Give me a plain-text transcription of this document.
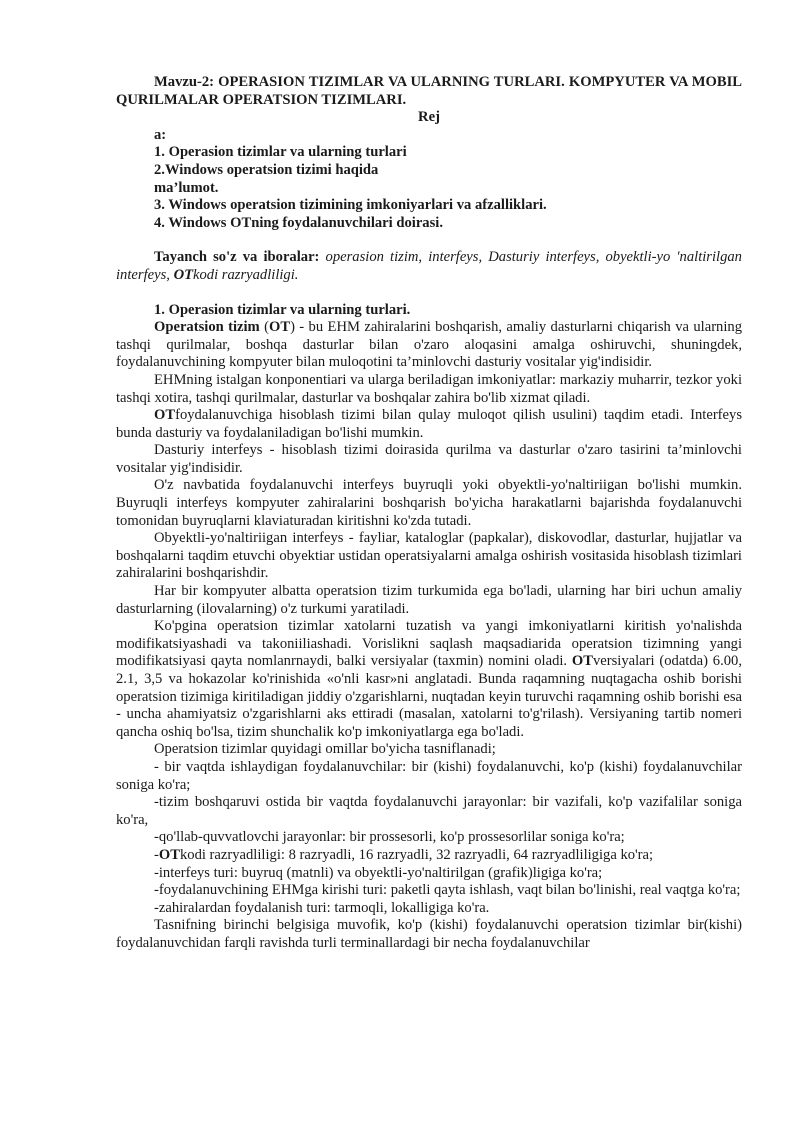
Mavzu-2: OPERASION TIZIMLAR VA ULARNING TURLARI. KOMPYUTER VA MOBIL QURILMALAR OPERATSION TIZIMLARI.

Rej

a:

1. Operasion tizimlar va ularning turlari

2.Windows operatsion tizimi haqida

ma’lumot.

3. Windows operatsion tizimining imkoniyarlari va afzalliklari.

4. Windows OTning foydalanuvchilari doirasi.

Tayanch so'z va iboralar: operasion tizim, interfeys, Dasturiy interfeys, obyektli-yo 'naltirilgan interfeys, OTkodi razryadliligi.

1. Operasion tizimlar va ularning turlari.

Operatsion tizim (OT) - bu EHM zahiralarini boshqarish, amaliy dasturlarni chiqarish va ularning tashqi qurilmalar, boshqa dasturlar bilan o'zaro aloqasini amalga oshiruvchi, shuningdek, foydalanuvchining kompyuter bilan muloqotini ta’minlovchi dasturiy vositalar yig'indisidir.

EHMning istalgan konponentiari va ularga beriladigan imkoniyatlar: markaziy muharrir, tezkor yoki tashqi xotira, tashqi qurilmalar, dasturlar va boshqalar zahira bo'lib xizmat qiladi.

OTfoydalanuvchiga hisoblash tizimi bilan qulay muloqot qilish usulini) taqdim etadi. Interfeys bunda dasturiy va foydalaniladigan bo'lishi mumkin.

Dasturiy interfeys - hisoblash tizimi doirasida qurilma va dasturlar o'zaro tasirini ta’minlovchi vositalar yig'indisidir.

O'z navbatida foydalanuvchi interfeys buyruqli yoki obyektli-yo'naltiriigan bo'lishi mumkin. Buyruqli interfeys kompyuter zahiralarini boshqarish bo'yicha harakatlarni bajarishda foydalanuvchi tomonidan buyruqlarni klaviaturadan kiritishni ko'zda tutadi.

Obyektli-yo'naltiriigan interfeys - fayliar, kataloglar (papkalar), diskovodlar, dasturlar, hujjatlar va boshqalarni taqdim etuvchi obyektiar ustidan operatsiyalarni amalga oshirish vositasida hisoblash tizimlari zahiralarini boshqarishdir.

Har bir kompyuter albatta operatsion tizim turkumida ega bo'ladi, ularning har biri uchun amaliy dasturlarning (ilovalarning) o'z turkumi yaratiladi.

Ko'pgina operatsion tizimlar xatolarni tuzatish va yangi imkoniyatlarni kiritish yo'nalishda modifikatsiyashadi va takoniiliashadi. Vorislikni saqlash maqsadiarida operatsion tizimning yangi modifikatsiyasi qayta nomlanrnaydi, balki versiyalar (taxmin) nomini oladi. OTversiyalari (odatda) 6.00, 2.1, 3,5 va hokazolar ko'rinishida «o'nli kasr»ni anglatadi. Bunda raqamning nuqtagacha oshib borishi operatsion tizimiga kiritiladigan jiddiy o'zgarishlarni, nuqtadan keyin turuvchi raqamning oshib borishi esa - uncha ahamiyatsiz o'zgarishlarni aks ettiradi (masalan, xatolarni to'g'rilash). Versiyaning tartib nomeri qancha oshiq bo'lsa, tizim shunchalik ko'p imkoniyatlarga ega bo'ladi.

Operatsion tizimlar quyidagi omillar bo'yicha tasniflanadi;

- bir vaqtda ishlaydigan foydalanuvchilar: bir (kishi) foydalanuvchi, ko'p (kishi) foydalanuvchilar soniga ko'ra;

-tizim boshqaruvi ostida bir vaqtda foydalanuvchi jarayonlar: bir vazifali, ko'p vazifalilar soniga ko'ra,

-qo'llab-quvvatlovchi jarayonlar: bir prossesorli, ko'p prossesorlilar soniga ko'ra;

-OTkodi razryadliligi: 8 razryadli, 16 razryadli, 32 razryadli, 64 razryadliligiga ko'ra;

-interfeys turi: buyruq (matnli) va obyektli-yo'naltirilgan (grafik)ligiga ko'ra;

-foydalanuvchining EHMga kirishi turi: paketli qayta ishlash, vaqt bilan bo'linishi, real vaqtga ko'ra;

-zahiralardan foydalanish turi: tarmoqli, lokalligiga ko'ra.

Tasnifning birinchi belgisiga muvofik, ko'p (kishi) foydalanuvchi operatsion tizimlar bir(kishi) foydalanuvchidan farqli ravishda turli terminallardagi bir necha foydalanuvchilar
